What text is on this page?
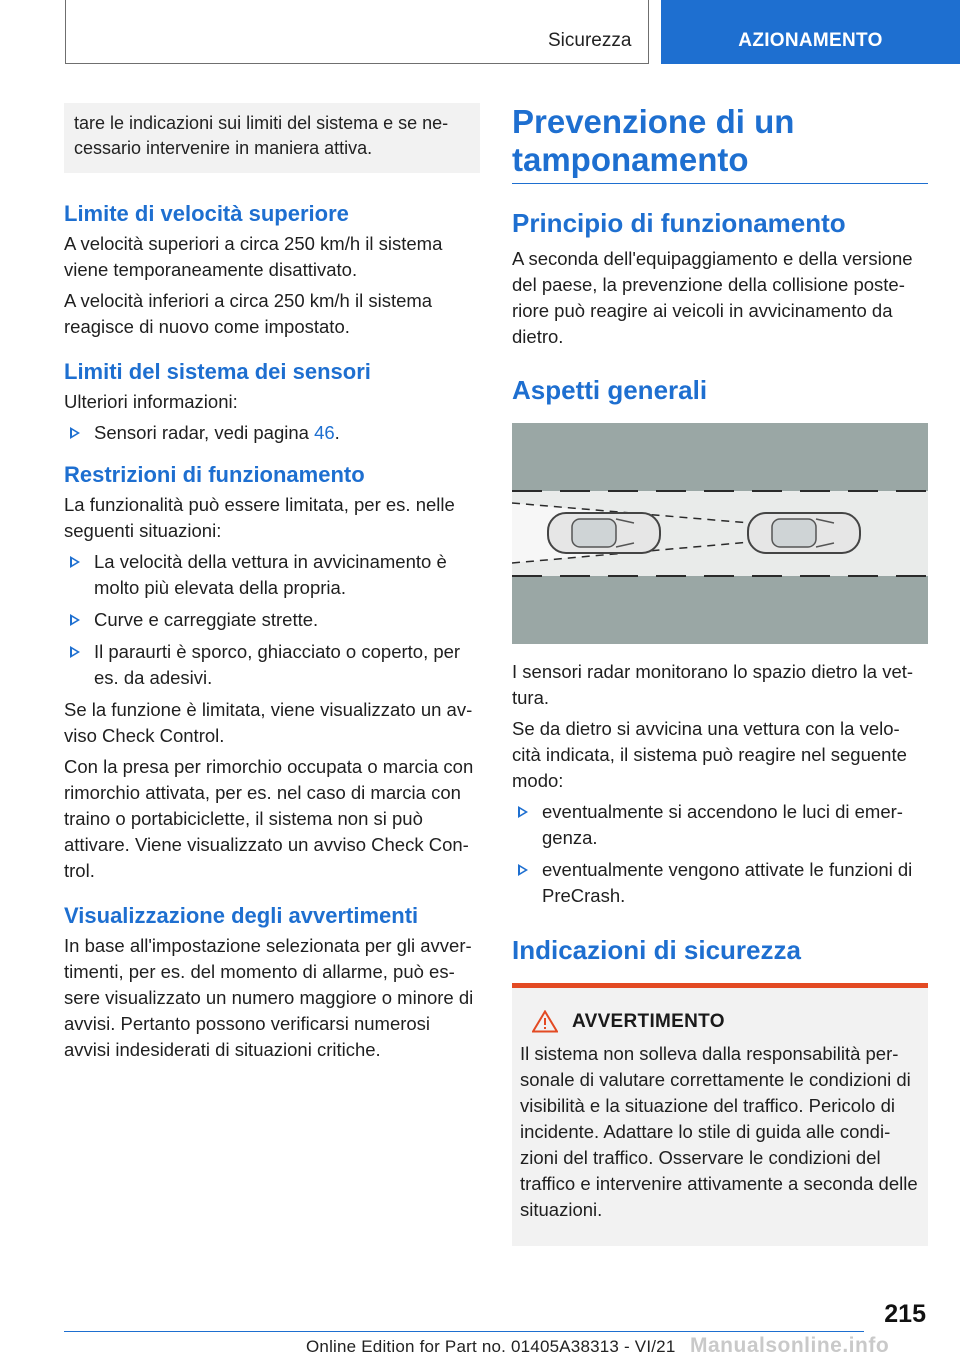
Sicurezza	AZIONAMENTO
tare le indicazioni sui limiti del sistema e se ne-cessario intervenire in maniera attiva.
Limite di velocità superiore

A velocità superiori a circa 250 km/h il sistema viene temporaneamente disattivato.

A velocità inferiori a circa 250 km/h il sistema reagisce di nuovo come impostato.

Limiti del sistema dei sensori

Ulteriori informazioni:

Sensori radar, vedi pagina 46.
Restrizioni di funzionamento

La funzionalità può essere limitata, per es. nelle seguenti situazioni:

La velocità della vettura in avvicinamento è molto più elevata della propria.
Curve e carreggiate strette.
Il paraurti è sporco, ghiacciato o coperto, per es. da adesivi.

Se la funzione è limitata, viene visualizzato un av-viso Check Control.

Con la presa per rimorchio occupata o marcia con rimorchio attivata, per es. nel caso di marcia con traino o portabiciclette, il sistema non si può attivare. Viene visualizzato un avviso Check Con-trol.

Visualizzazione degli avvertimenti

In base all'impostazione selezionata per gli avver-timenti, per es. del momento di allarme, può es-sere visualizzato un numero maggiore o minore di avvisi. Pertanto possono verificarsi numerosi avvisi indesiderati di situazioni critiche.

Prevenzione di un tamponamento
Principio di funzionamento

A seconda dell'equipaggiamento e della versione del paese, la prevenzione della collisione poste-riore può reagire ai veicoli in avvicinamento da dietro.

Aspetti generali

I sensori radar monitorano lo spazio dietro la vet-tura.

Se da dietro si avvicina una vettura con la velo-cità indicata, il sistema può reagire nel seguente modo:

eventualmente si accendono le luci di emer-genza.
eventualmente vengono attivate le funzioni di PreCrash.
Indicazioni di sicurezza
AVVERTIMENTO

Il sistema non solleva dalla responsabilità per-sonale di valutare correttamente le condizioni di visibilità e la situazione del traffico. Pericolo di incidente. Adattare lo stile di guida alle condi-zioni del traffico. Osservare le condizioni del traffico e intervenire attivamente a seconda delle situazioni.

215
Online Edition for Part no. 01405A38313 - VI/21 Manualsonline.info
